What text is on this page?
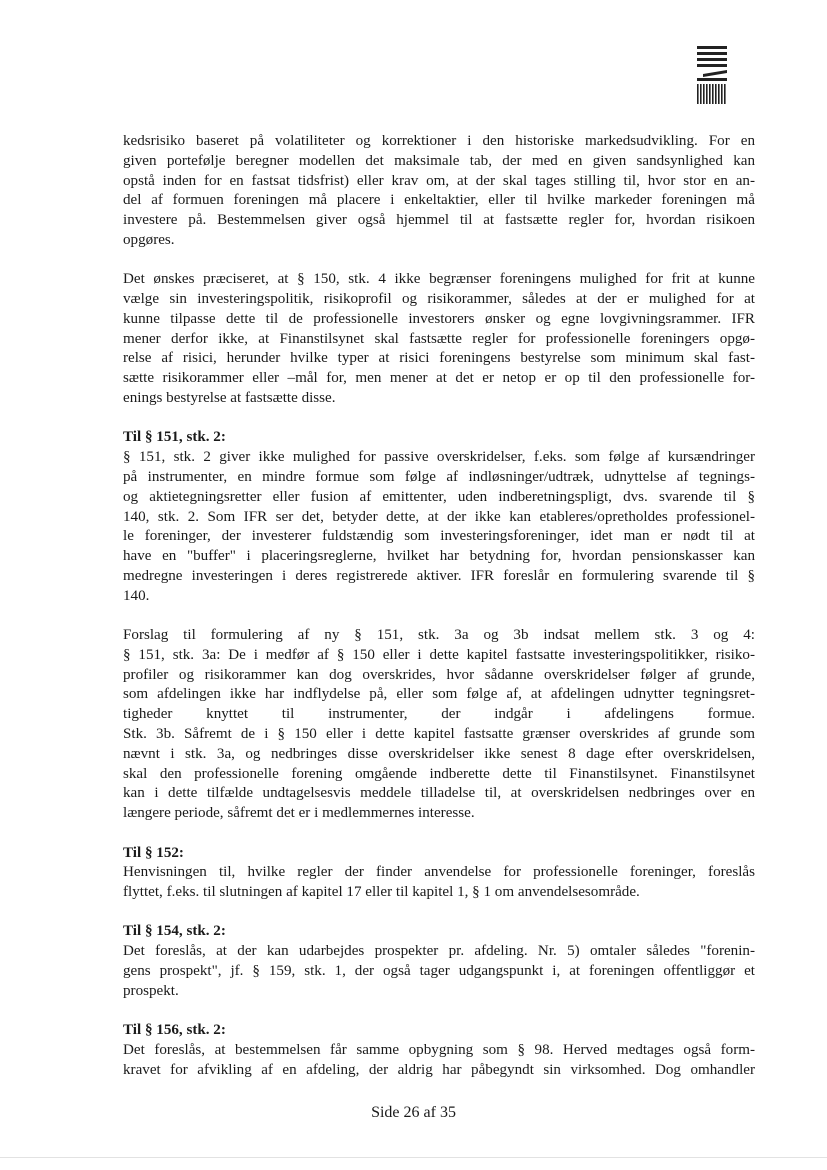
kedsrisiko baseret på volatiliteter og korrektioner i den historiske markedsudvikling. For en
given portefølje beregner modellen det maksimale tab, der med en given sandsynlighed kan
opstå inden for en fastsat tidsfrist) eller krav om, at der skal tages stilling til, hvor stor en an-
del af formuen foreningen må placere i enkeltaktier, eller til hvilke markeder foreningen må
investere på. Bestemmelsen giver også hjemmel til at fastsætte regler for, hvordan risikoen
opgøres.
Det ønskes præciseret, at § 150, stk. 4 ikke begrænser foreningens mulighed for frit at kunne
vælge sin investeringspolitik, risikoprofil og risikorammer, således at der er mulighed for at
kunne tilpasse dette til de professionelle investorers ønsker og egne lovgivningsrammer. IFR
mener derfor ikke, at Finanstilsynet skal fastsætte regler for professionelle foreningers opgø-
relse af risici, herunder hvilke typer at risici foreningens bestyrelse som minimum skal fast-
sætte risikorammer eller –mål for, men mener at det er netop er op til den professionelle for-
enings bestyrelse at fastsætte disse.
Til § 151, stk. 2:
§ 151, stk. 2 giver ikke mulighed for passive overskridelser, f.eks. som følge af kursændringer
på instrumenter, en mindre formue som følge af indløsninger/udtræk, udnyttelse af tegnings-
og aktietegningsretter eller fusion af emittenter, uden indberetningspligt, dvs. svarende til §
140, stk. 2. Som IFR ser det, betyder dette, at der ikke kan etableres/opretholdes professionel-
le foreninger, der investerer fuldstændig som investeringsforeninger, idet man er nødt til at
have en "buffer" i placeringsreglerne, hvilket har betydning for, hvordan pensionskasser kan
medregne investeringen i deres registrerede aktiver. IFR foreslår en formulering svarende til §
140.
Forslag til formulering af ny § 151, stk. 3a og 3b indsat mellem stk. 3 og 4:
§ 151, stk. 3a: De i medfør af § 150 eller i dette kapitel fastsatte investeringspolitikker, risiko-
profiler og risikorammer kan dog overskrides, hvor sådanne overskridelser følger af grunde,
som afdelingen ikke har indflydelse på, eller som følge af, at afdelingen udnytter tegningsret-
tigheder knyttet til instrumenter, der indgår i afdelingens formue.
Stk. 3b. Såfremt de i § 150 eller i dette kapitel fastsatte grænser overskrides af grunde som
nævnt i stk. 3a, og nedbringes disse overskridelser ikke senest 8 dage efter overskridelsen,
skal den professionelle forening omgående indberette dette til Finanstilsynet. Finanstilsynet
kan i dette tilfælde undtagelsesvis meddele tilladelse til, at overskridelsen nedbringes over en
længere periode, såfremt det er i medlemmernes interesse.
Til § 152:
Henvisningen til, hvilke regler der finder anvendelse for professionelle foreninger, foreslås
flyttet, f.eks. til slutningen af kapitel 17 eller til kapitel 1, § 1 om anvendelsesområde.
Til § 154, stk. 2:
Det foreslås, at der kan udarbejdes prospekter pr. afdeling. Nr. 5) omtaler således "forenin-
gens prospekt", jf. § 159, stk. 1, der også tager udgangspunkt i, at foreningen offentliggør et
prospekt.
Til § 156, stk. 2:
Det foreslås, at bestemmelsen får samme opbygning som § 98. Herved medtages også form-
kravet for afvikling af en afdeling, der aldrig har påbegyndt sin virksomhed. Dog omhandler
Side 26 af 35
